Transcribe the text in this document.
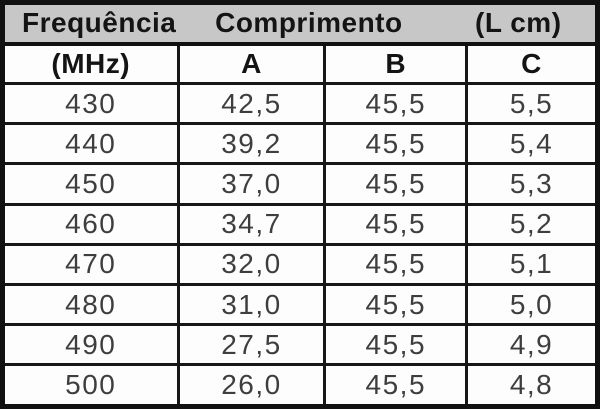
Frequência Comprimento (L cm)			

(MHz)	A	B	C
430	42,5	45,5	5,5
440	39,2	45,5	5,4
450	37,0	45,5	5,3
460	34,7	45,5	5,2
470	32,0	45,5	5,1
480	31,0	45,5	5,0
490	27,5	45,5	4,9
500	26,0	45,5	4,8
